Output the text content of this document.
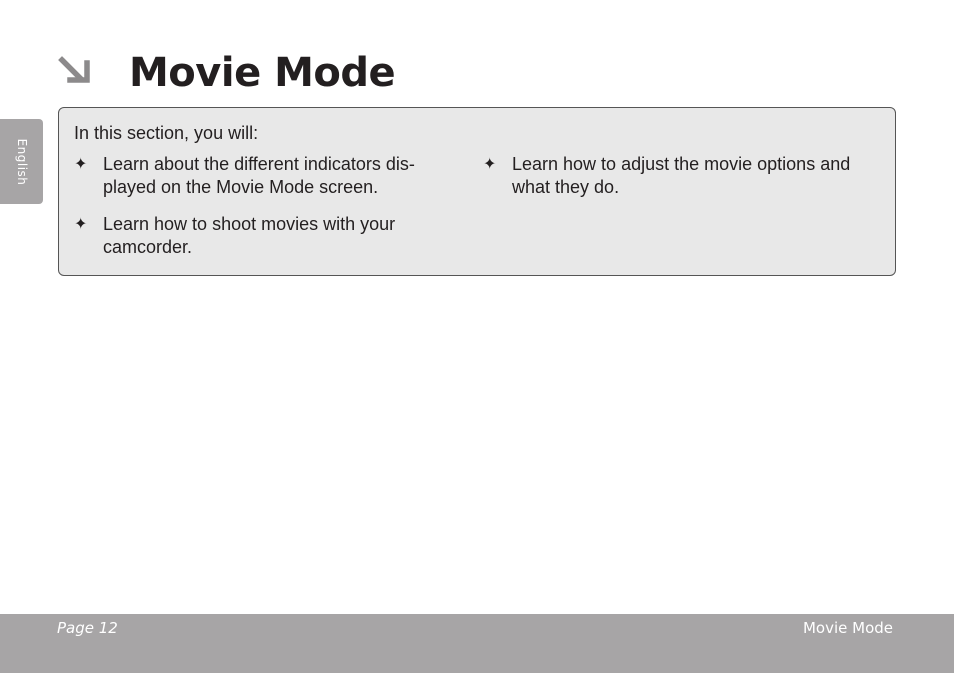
English
Movie Mode
In this section, you will:
✦ Learn about the different indicators dis-played on the Movie Mode screen.
✦ Learn how to shoot movies with your camcorder.
✦ Learn how to adjust the movie options and what they do.
Page 12	Movie Mode
